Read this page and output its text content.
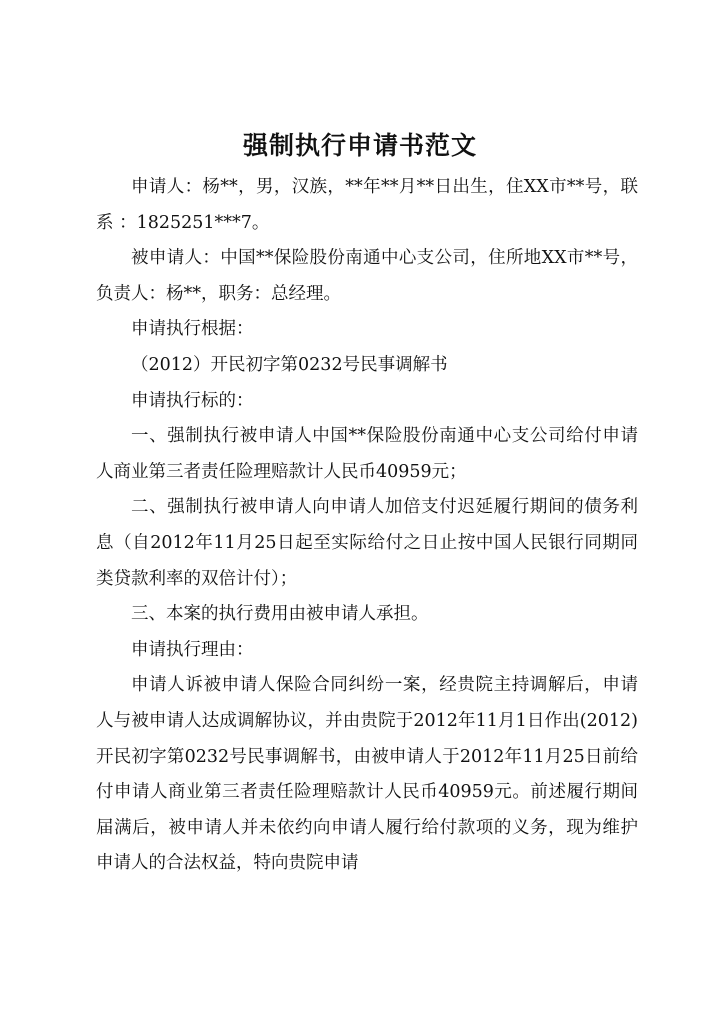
强制执行申请书范文

申请人：杨**，男，汉族，**年**月**日出生，住XX市**号，联系 ：1825251***7。

被申请人：中国**保险股份南通中心支公司，住所地XX市**号，负责人：杨**，职务：总经理。

申请执行根据：

（2012）开民初字第0232号民事调解书

申请执行标的：

一、强制执行被申请人中国**保险股份南通中心支公司给付申请人商业第三者责任险理赔款计人民币40959元；

二、强制执行被申请人向申请人加倍支付迟延履行期间的债务利息（自2012年11月25日起至实际给付之日止按中国人民银行同期同类贷款利率的双倍计付）；

三、本案的执行费用由被申请人承担。

申请执行理由：

申请人诉被申请人保险合同纠纷一案，经贵院主持调解后，申请人与被申请人达成调解协议，并由贵院于2012年11月1日作出(2012)开民初字第0232号民事调解书，由被申请人于2012年11月25日前给付申请人商业第三者责任险理赔款计人民币40959元。前述履行期间届满后，被申请人并未依约向申请人履行给付款项的义务，现为维护申请人的合法权益，特向贵院申请
